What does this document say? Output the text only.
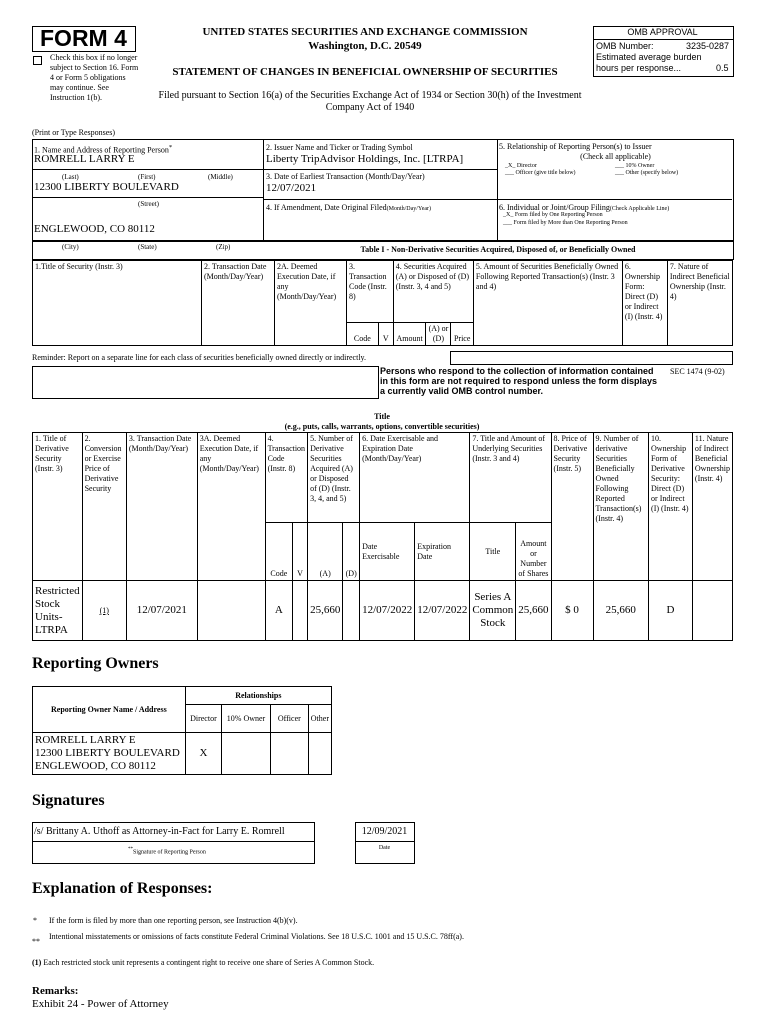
FORM 4
Check this box if no longer subject to Section 16. Form 4 or Form 5 obligations may continue. See Instruction 1(b).
UNITED STATES SECURITIES AND EXCHANGE COMMISSION
Washington, D.C. 20549
STATEMENT OF CHANGES IN BENEFICIAL OWNERSHIP OF SECURITIES
Filed pursuant to Section 16(a) of the Securities Exchange Act of 1934 or Section 30(h) of the Investment Company Act of 1940
OMB APPROVAL
OMB Number:	3235-0287
Estimated average burden
hours per response...	0.5
(Print or Type Responses)
1. Name and Address of Reporting Person*
ROMRELL LARRY E
(Last)	(First)	(Middle)
12300 LIBERTY BOULEVARD
(Street)
ENGLEWOOD, CO 80112
2. Issuer Name and Ticker or Trading Symbol
Liberty TripAdvisor Holdings, Inc. [LTRPA]
3. Date of Earliest Transaction (Month/Day/Year)
12/07/2021
4. If Amendment, Date Original Filed(Month/Day/Year)
5. Relationship of Reporting Person(s) to Issuer
(Check all applicable)
_X_ Director	___ 10% Owner
___ Officer (give title below)	___ Other (specify below)
6. Individual or Joint/Group Filing(Check Applicable Line)
_X_ Form filed by One Reporting Person
___ Form filed by More than One Reporting Person
(City)	(State)	(Zip)	Table I - Non-Derivative Securities Acquired, Disposed of, or Beneficially Owned
1.Title of Security (Instr. 3)	2. Transaction Date (Month/Day/Year)	2A. Deemed Execution Date, if any (Month/Day/Year)	3. Transaction Code (Instr. 8)		4. Securities Acquired (A) or Disposed of (D) (Instr. 3, 4 and 5)			5. Amount of Securities Beneficially Owned Following Reported Transaction(s) (Instr. 3 and 4)	6. Ownership Form: Direct (D) or Indirect (I) (Instr. 4)	7. Nature of Indirect Beneficial Ownership (Instr. 4)
			Code	V	Amount	(A) or (D)	Price			
Reminder: Report on a separate line for each class of securities beneficially owned directly or indirectly.
Persons who respond to the collection of information contained in this form are not required to respond unless the form displays a currently valid OMB control number.
SEC 1474 (9-02)
Title
(e.g., puts, calls, warrants, options, convertible securities)
1. Title of Derivative Security (Instr. 3)	2. Conversion or Exercise Price of Derivative Security	3. Transaction Date (Month/Day/Year)	3A. Deemed Execution Date, if any (Month/Day/Year)	4. Transaction Code (Instr. 8)		5. Number of Derivative Securities Acquired (A) or Disposed of (D) (Instr. 3, 4, and 5)		6. Date Exercisable and Expiration Date (Month/Day/Year)		7. Title and Amount of Underlying Securities (Instr. 3 and 4)		8. Price of Derivative Security (Instr. 5)	9. Number of derivative Securities Beneficially Owned Following Reported Transaction(s) (Instr. 4)	10. Ownership Form of Derivative Security: Direct (D) or Indirect (I) (Instr. 4)	11. Nature of Indirect Beneficial Ownership (Instr. 4)
				Code	V	(A)	(D)	Date Exercisable	Expiration Date	Title	Amount or Number of Shares				
Restricted Stock Units-LTRPA	(1)	12/07/2021		A		25,660		12/07/2022	12/07/2022	Series A Common Stock	25,660	$ 0	25,660	D	
Reporting Owners
Reporting Owner Name / Address	Relationships			
	Director	10% Owner	Officer	Other

ROMRELL LARRY E
12300 LIBERTY BOULEVARD
ENGLEWOOD, CO 80112	X			
Signatures
/s/ Brittany A. Uthoff as Attorney-in-Fact for Larry E. Romrell
**Signature of Reporting Person
12/09/2021
Date
Explanation of Responses:
* If the form is filed by more than one reporting person, see Instruction 4(b)(v).
**
Intentional misstatements or omissions of facts constitute Federal Criminal Violations. See 18 U.S.C. 1001 and 15 U.S.C. 78ff(a).
(1) Each restricted stock unit represents a contingent right to receive one share of Series A Common Stock.
Remarks:
Exhibit 24 - Power of Attorney
